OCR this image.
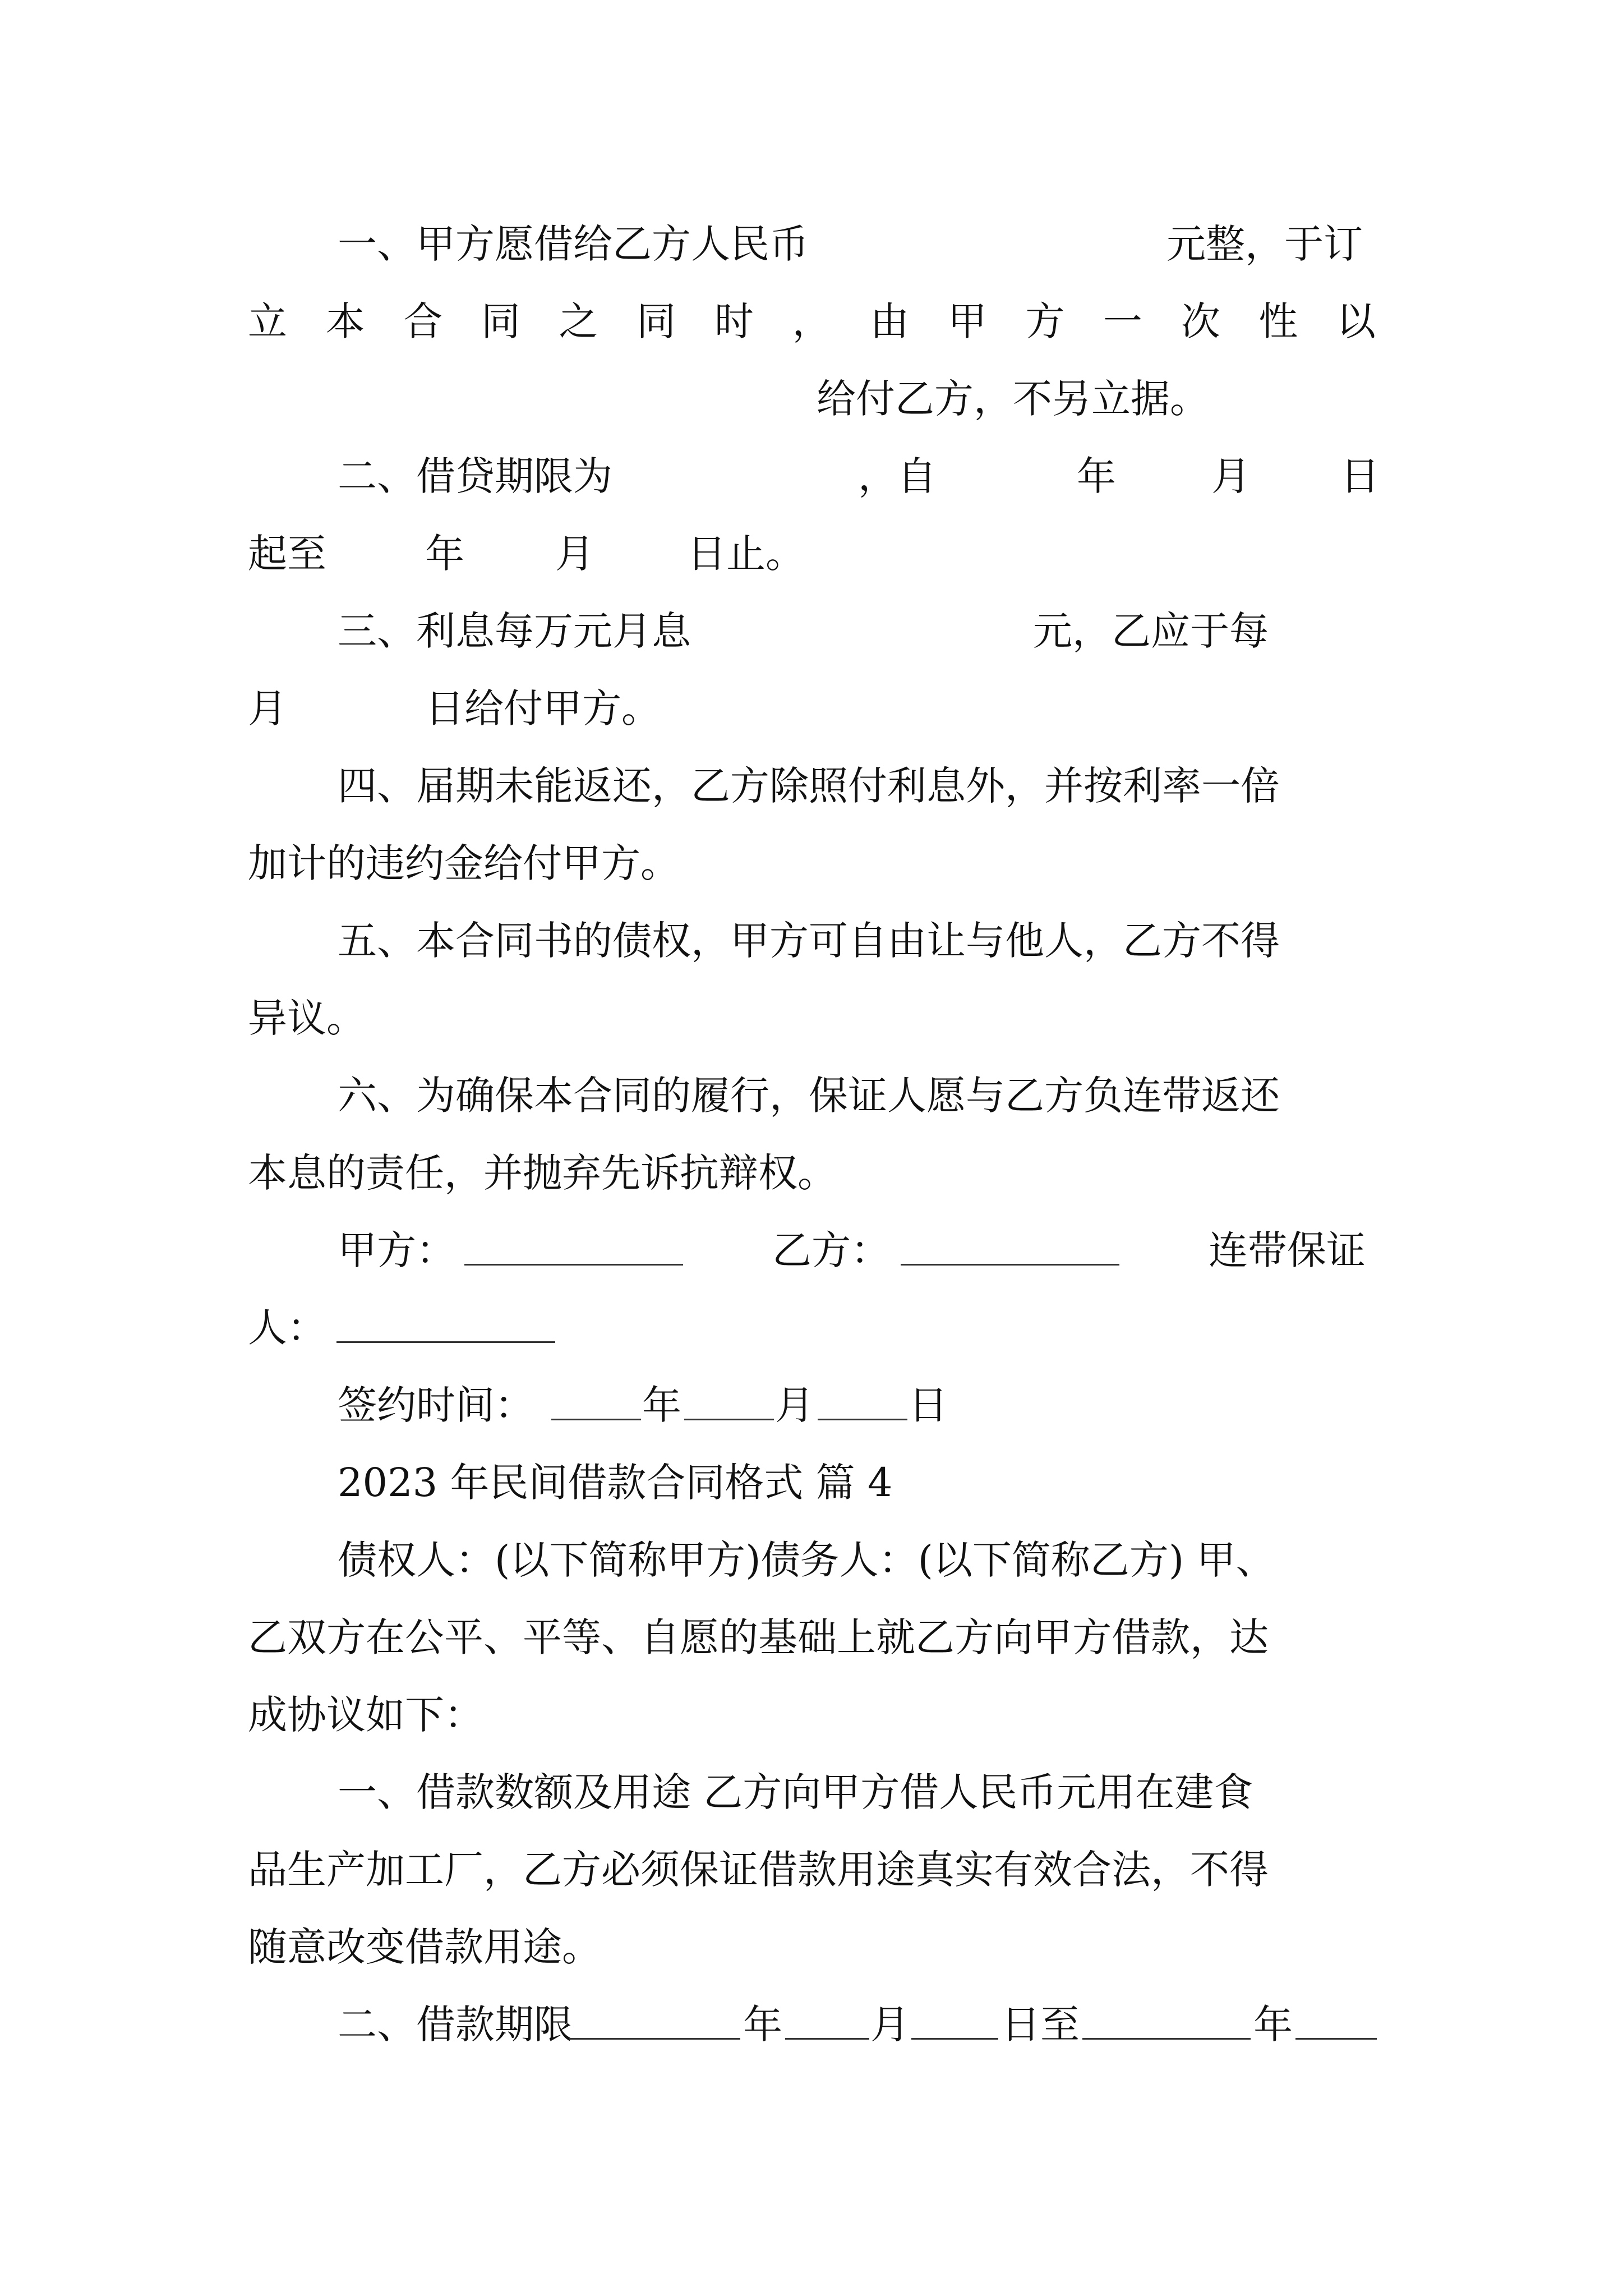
一、甲方愿借给乙方人民币	元整，于订
立 本 合 同 之 同 时 ， 由 甲 方 一 次 性 以
给付乙方，不另立据。
二、借贷期限为	，自	年 月 日
起至	年 月 日止。
三、利息每万元月息	元，乙应于每
月	日给付甲方。
四、届期未能返还，乙方除照付利息外，并按利率一倍
加计的违约金给付甲方。
五、本合同书的债权，甲方可自由让与他人，乙方不得
异议。
六、为确保本合同的履行，保证人愿与乙方负连带返还
本息的责任，并抛弃先诉抗辩权。
甲方：	乙方：	连带保证
人：
签约时间：	年 月 日
2023 年民间借款合同格式 篇 4
债权人：(以下简称甲方)债务人：(以下简称乙方) 甲、
乙双方在公平、平等、自愿的基础上就乙方向甲方借款，达
成协议如下：
一、借款数额及用途 乙方向甲方借人民币元用在建食
品生产加工厂，乙方必须保证借款用途真实有效合法，不得
随意改变借款用途。
二、借款期限	年 月 日至	年
